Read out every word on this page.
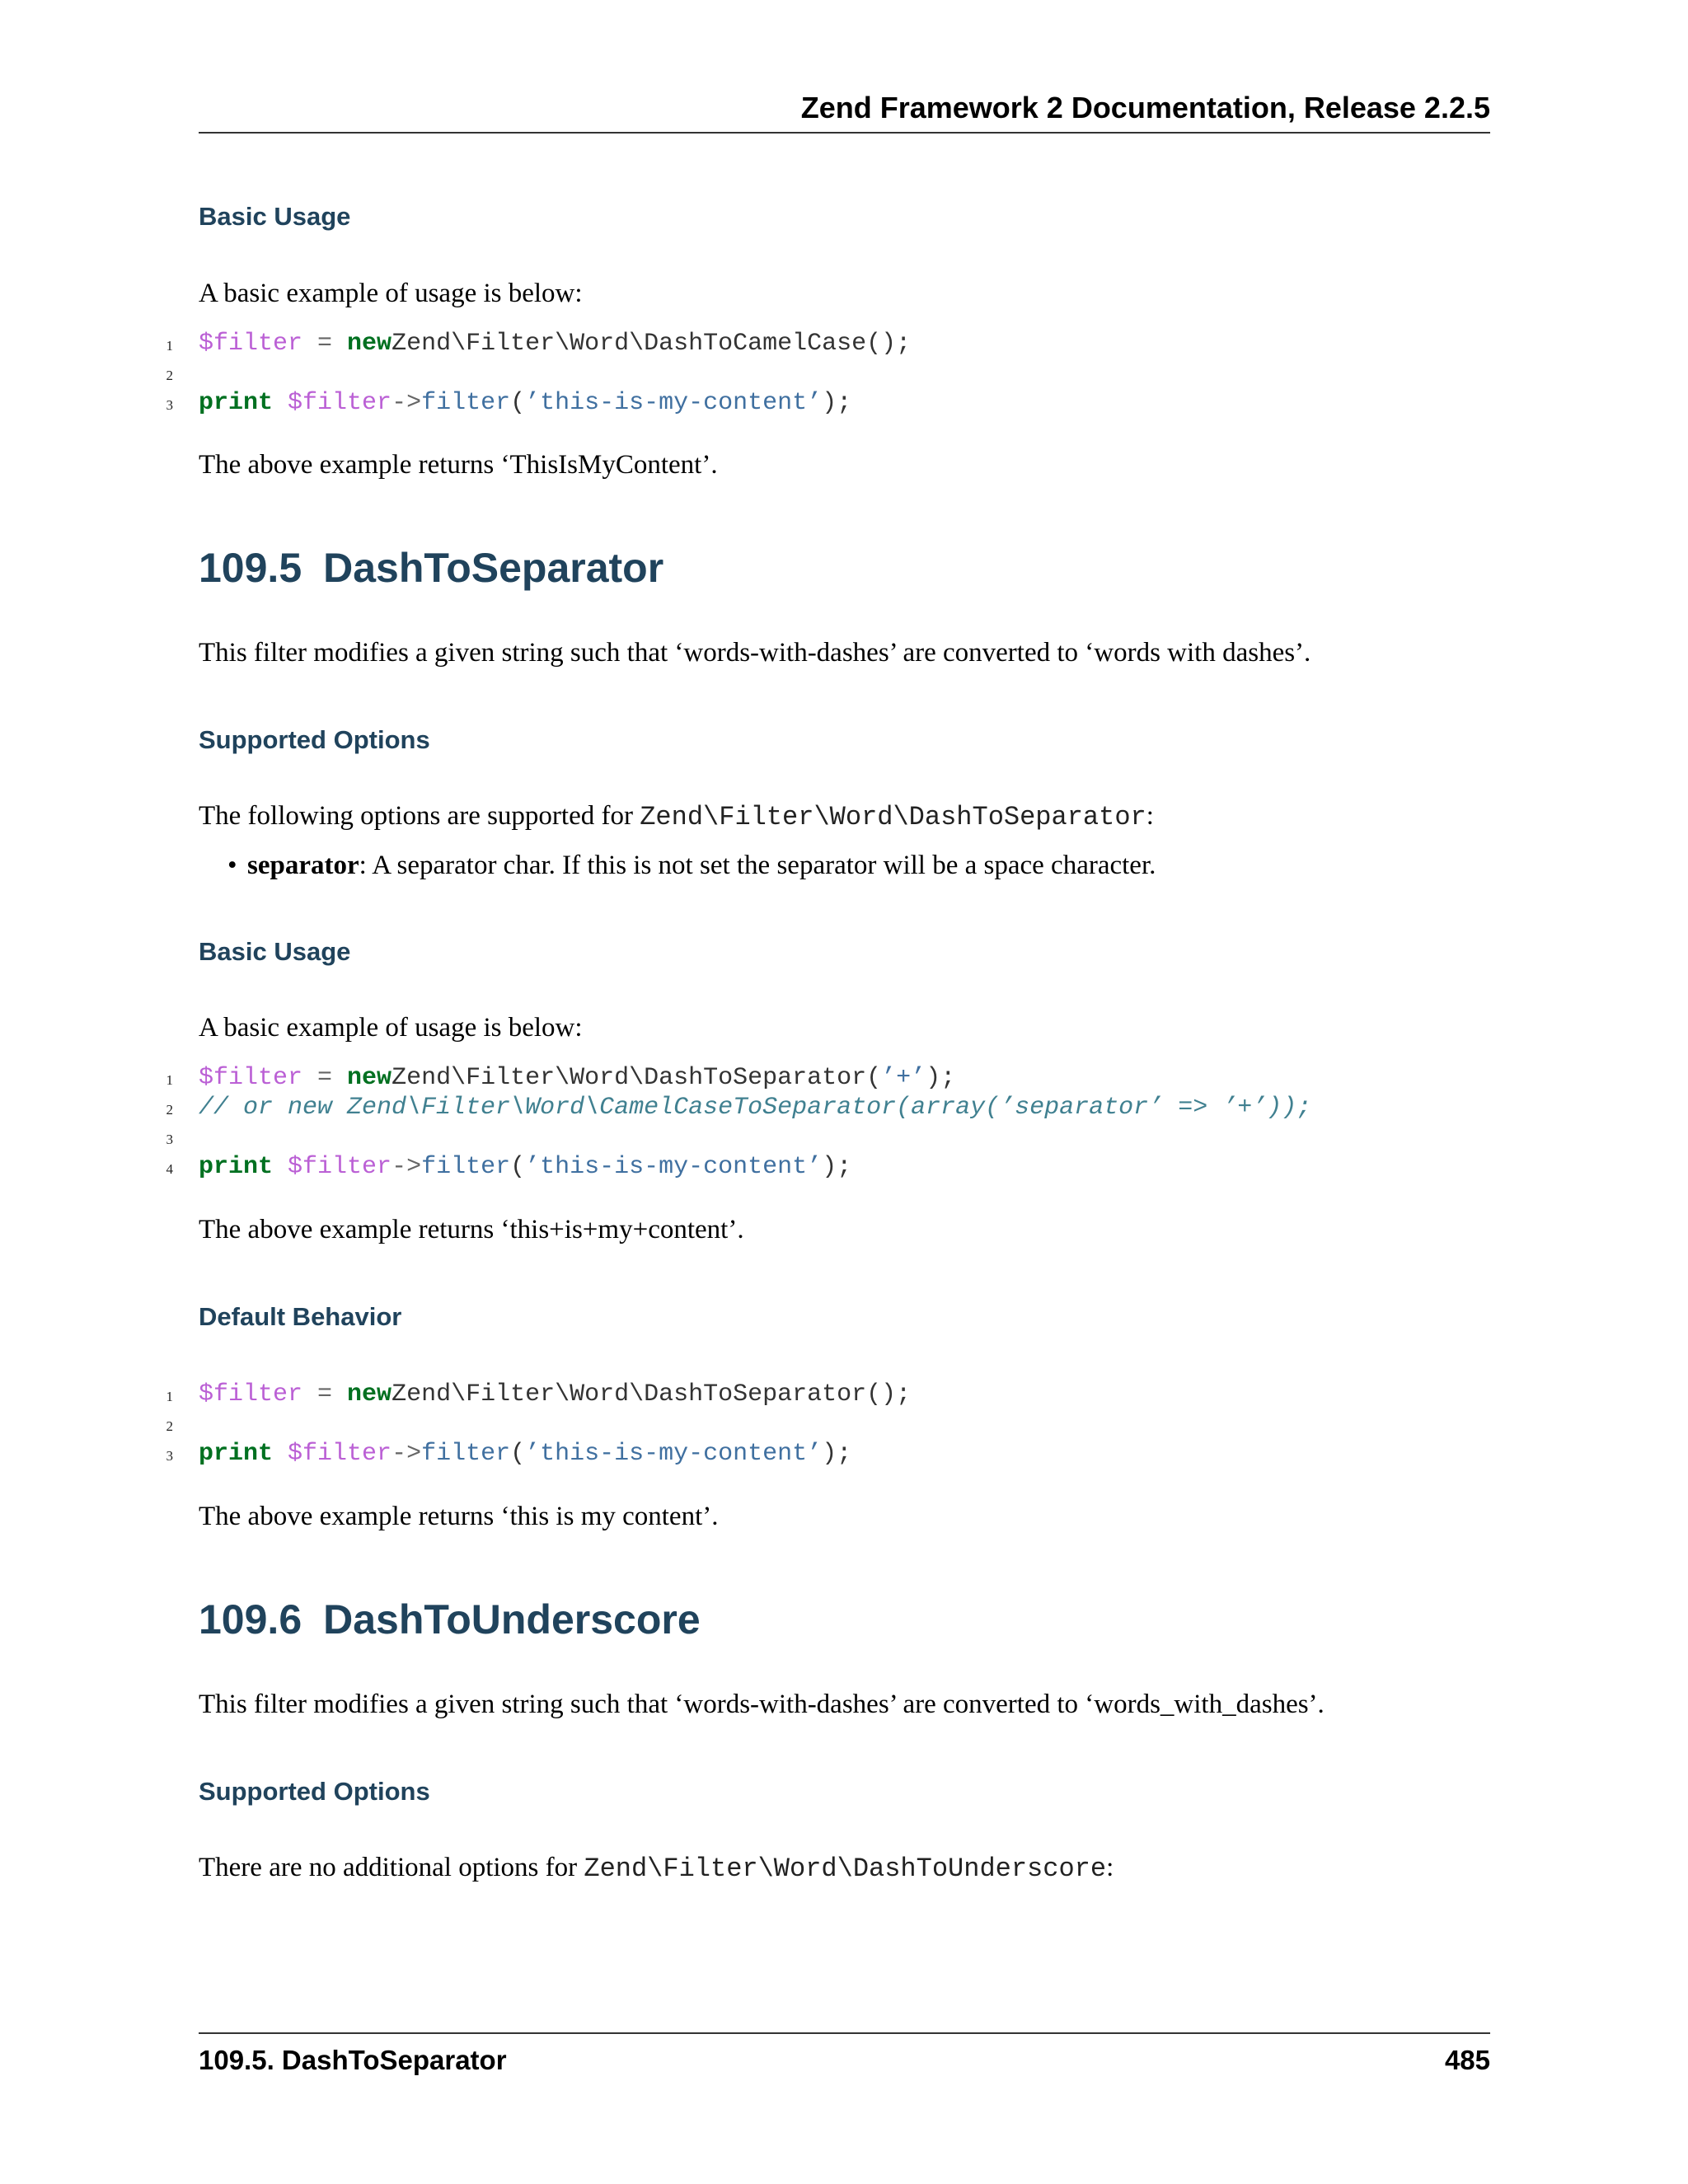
Zend Framework 2 Documentation, Release 2.2.5
Basic Usage
A basic example of usage is below:
1 $filter = newZend\Filter\Word\DashToCamelCase();
2
3 print $filter->filter(’this-is-my-content’);
The above example returns ‘ThisIsMyContent’.
109.5 DashToSeparator
This filter modifies a given string such that ‘words-with-dashes’ are converted to ‘words with dashes’.
Supported Options
The following options are supported for Zend\Filter\Word\DashToSeparator:
• separator: A separator char. If this is not set the separator will be a space character.
Basic Usage
A basic example of usage is below:
1 $filter = newZend\Filter\Word\DashToSeparator(’+’);
2 // or new Zend\Filter\Word\CamelCaseToSeparator(array(’separator’ => ’+’));
3
4 print $filter->filter(’this-is-my-content’);
The above example returns ‘this+is+my+content’.
Default Behavior
1 $filter = newZend\Filter\Word\DashToSeparator();
2
3 print $filter->filter(’this-is-my-content’);
The above example returns ‘this is my content’.
109.6 DashToUnderscore
This filter modifies a given string such that ‘words-with-dashes’ are converted to ‘words_with_dashes’.
Supported Options
There are no additional options for Zend\Filter\Word\DashToUnderscore:
109.5. DashToSeparator	485
